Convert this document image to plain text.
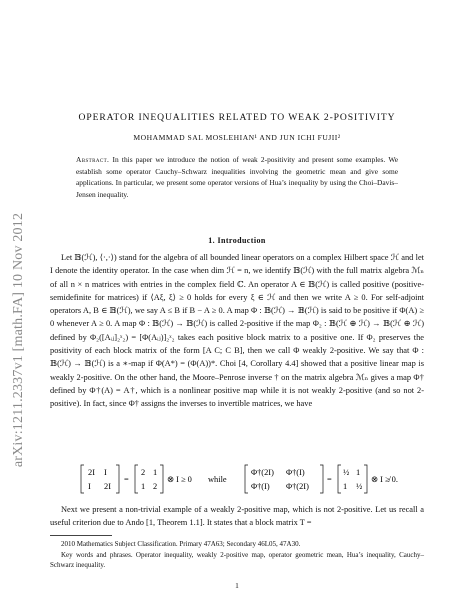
arXiv:1211.2337v1 [math.FA] 10 Nov 2012
OPERATOR INEQUALITIES RELATED TO WEAK 2-POSITIVITY

MOHAMMAD SAL MOSLEHIAN¹ AND JUN ICHI FUJII²

Abstract. In this paper we introduce the notion of weak 2-positivity and present some examples. We establish some operator Cauchy–Schwarz inequalities involving the geometric mean and give some applications. In particular, we present some operator versions of Hua’s inequality by using the Choi–Davis–Jensen inequality.

1. Introduction

Let 𝔹(ℋ), ⟨·,·⟩) stand for the algebra of all bounded linear operators on a complex Hilbert space ℋ and let I denote the identity operator. In the case when dim ℋ = n, we identify 𝔹(ℋ) with the full matrix algebra ℳₙ of all n × n matrices with entries in the complex field ℂ. An operator A ∈ 𝔹(ℋ) is called positive (positive-semidefinite for matrices) if ⟨Aξ, ξ⟩ ≥ 0 holds for every ξ ∈ ℋ and then we write A ≥ 0. For self-adjoint operators A, B ∈ 𝔹(ℋ), we say A ≤ B if B − A ≥ 0. A map Φ : 𝔹(ℋ) → 𝔹(ℋ) is said to be positive if Φ(A) ≥ 0 whenever A ≥ 0. A map Φ : 𝔹(ℋ) → 𝔹(ℋ) is called 2-positive if the map Φ₂ : 𝔹(ℋ ⊕ ℋ) → 𝔹(ℋ ⊕ ℋ) defined by Φ₂([Aᵢⱼ]₂ˣ₂) = [Φ(Aᵢⱼ)]₂ˣ₂ takes each positive block matrix to a positive one. If Φ₂ preserves the positivity of each block matrix of the form [A C; C B], then we call Φ weakly 2-positive. We say that Φ : 𝔹(ℋ) → 𝔹(ℋ) is a ∗-map if Φ(A*) = (Φ(A))*. Choi [4, Corollary 4.4] showed that a positive linear map is weakly 2-positive. On the other hand, the Moore–Penrose inverse † on the matrix algebra ℳₙ gives a map Φ† defined by Φ†(A) = A†, which is a nonlinear positive map while it is not weakly 2-positive (and so not 2-positive). In fact, since Φ† assigns the inverses to invertible matrices, we have

2I I
I 2I
=
2 1
1 2
⊗ I ≥ 0 while
Φ†(2I) Φ†(I)
Φ†(I) Φ†(2I)
=
½ 1
1 ½
⊗ I ≱ 0.

Next we present a non-trivial example of a weakly 2-positive map, which is not 2-positive. Let us recall a useful criterion due to Ando [1, Theorem 1.1]. It states that a block matrix T =

2010 Mathematics Subject Classification. Primary 47A63; Secondary 46L05, 47A30.

Key words and phrases. Operator inequality, weakly 2-positive map, operator geometric mean, Hua’s inequality, Cauchy–Schwarz inequality.

1
